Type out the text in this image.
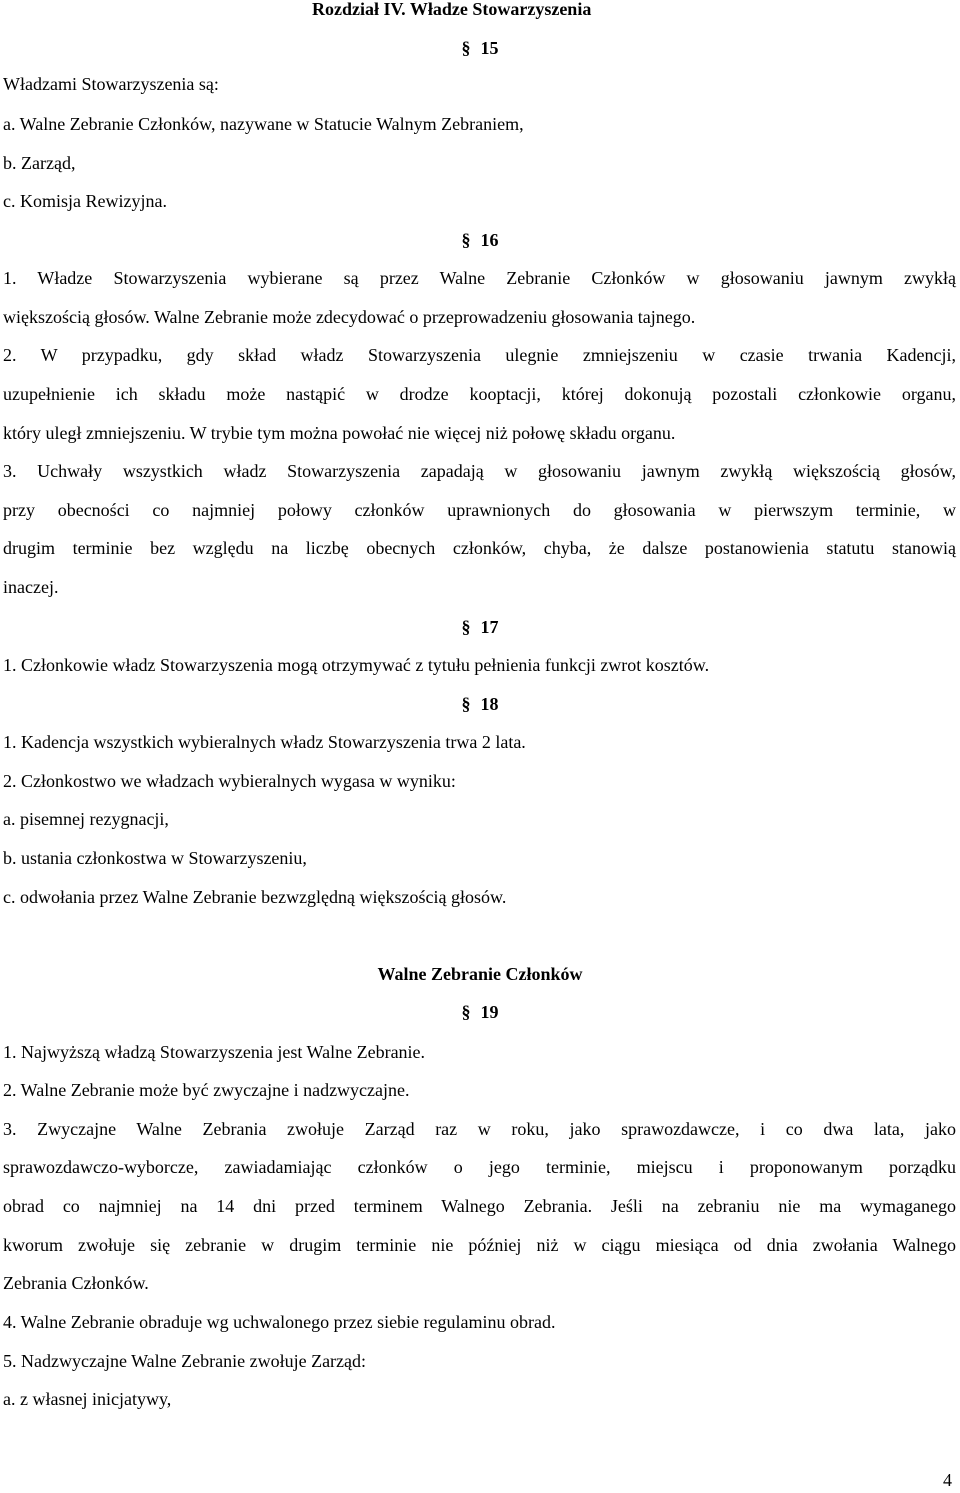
Rozdział IV. Władze Stowarzyszenia
§ 15
Władzami Stowarzyszenia są:
a. Walne Zebranie Członków, nazywane w Statucie Walnym Zebraniem,
b. Zarząd,
c. Komisja Rewizyjna.
§ 16
1. Władze Stowarzyszenia wybierane są przez Walne Zebranie Członków w głosowaniu jawnym zwykłą
większością głosów. Walne Zebranie może zdecydować o przeprowadzeniu głosowania tajnego.
2. W przypadku, gdy skład władz Stowarzyszenia ulegnie zmniejszeniu w czasie trwania Kadencji,
uzupełnienie ich składu może nastąpić w drodze kooptacji, której dokonują pozostali członkowie organu,
który uległ zmniejszeniu. W trybie tym można powołać nie więcej niż połowę składu organu.
3. Uchwały wszystkich władz Stowarzyszenia zapadają w głosowaniu jawnym zwykłą większością głosów,
przy obecności co najmniej połowy członków uprawnionych do głosowania w pierwszym terminie, w
drugim terminie bez względu na liczbę obecnych członków, chyba, że dalsze postanowienia statutu stanowią
inaczej.
§ 17
1. Członkowie władz Stowarzyszenia mogą otrzymywać z tytułu pełnienia funkcji zwrot kosztów.
§ 18
1. Kadencja wszystkich wybieralnych władz Stowarzyszenia trwa 2 lata.
2. Członkostwo we władzach wybieralnych wygasa w wyniku:
a. pisemnej rezygnacji,
b. ustania członkostwa w Stowarzyszeniu,
c. odwołania przez Walne Zebranie bezwzględną większością głosów.
Walne Zebranie Członków
§ 19
1. Najwyższą władzą Stowarzyszenia jest Walne Zebranie.
2. Walne Zebranie może być zwyczajne i nadzwyczajne.
3. Zwyczajne Walne Zebrania zwołuje Zarząd raz w roku, jako sprawozdawcze, i co dwa lata, jako
sprawozdawczo-wyborcze, zawiadamiając członków o jego terminie, miejscu i proponowanym porządku
obrad co najmniej na 14 dni przed terminem Walnego Zebrania. Jeśli na zebraniu nie ma wymaganego
kworum zwołuje się zebranie w drugim terminie nie później niż w ciągu miesiąca od dnia zwołania Walnego
Zebrania Członków.
4. Walne Zebranie obraduje wg uchwalonego przez siebie regulaminu obrad.
5. Nadzwyczajne Walne Zebranie zwołuje Zarząd:
a. z własnej inicjatywy,
4
